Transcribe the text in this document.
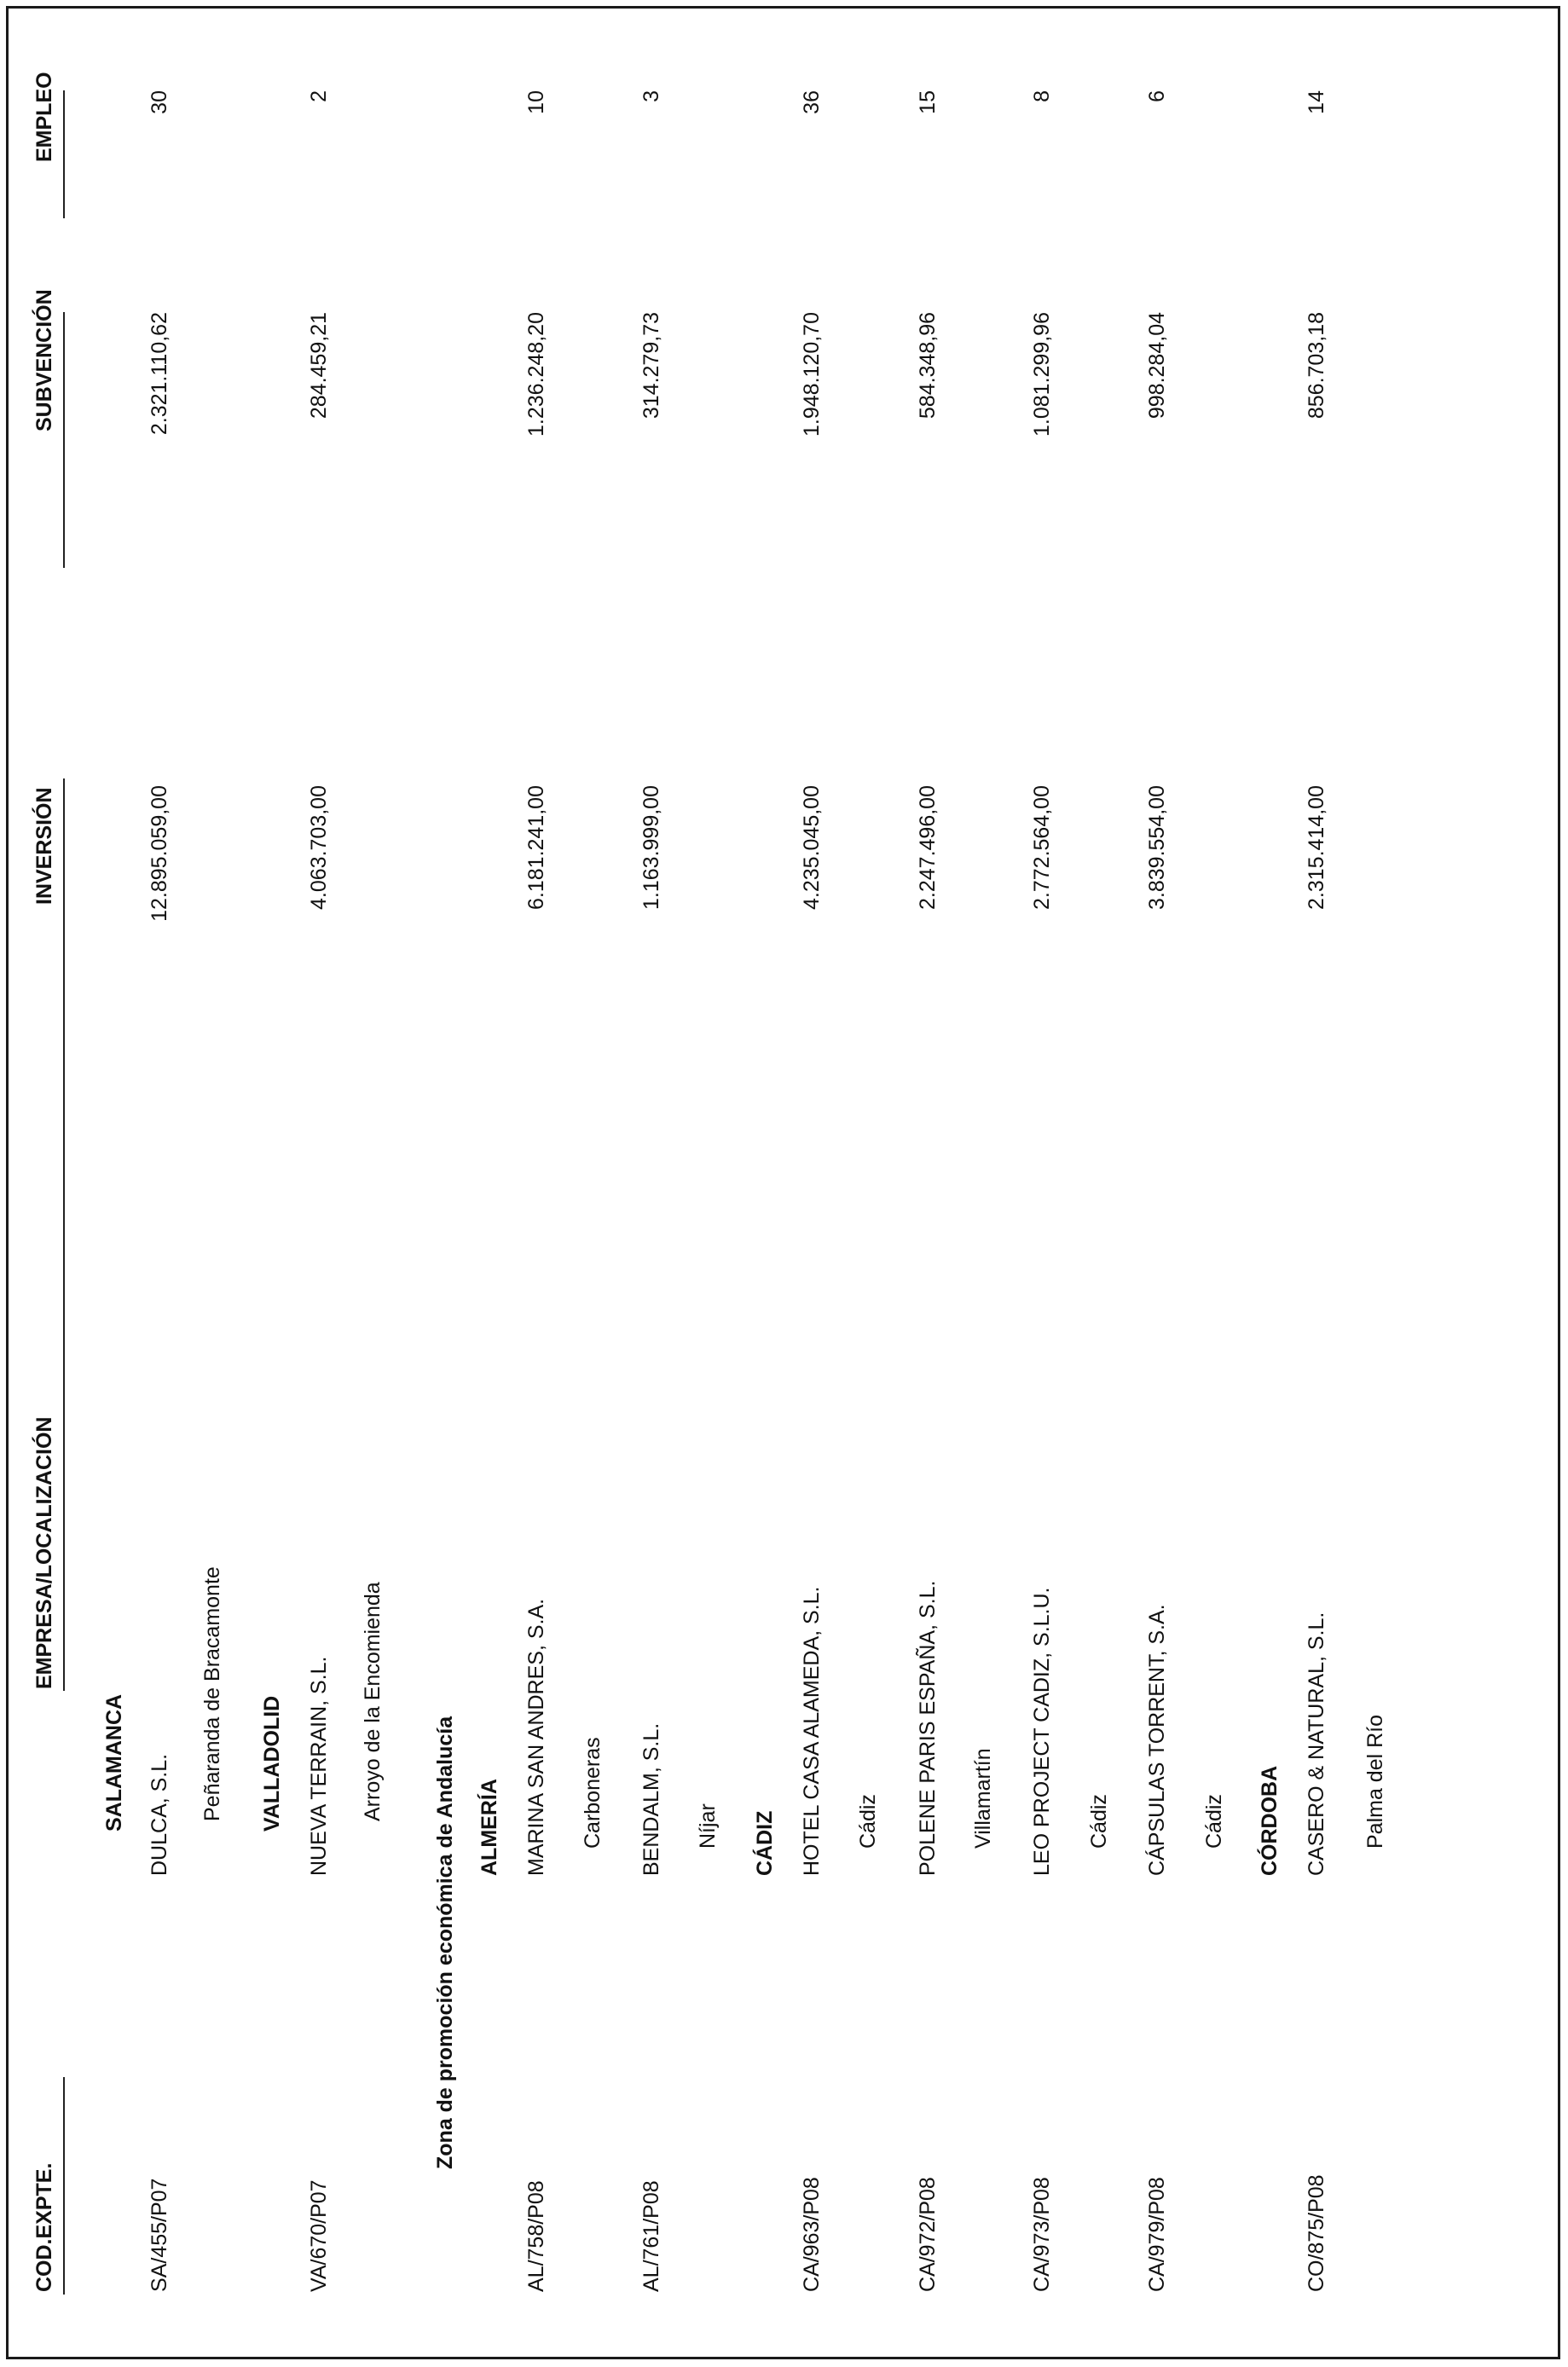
COD.EXPTE.
EMPRESA/LOCALIZACIÓN
INVERSIÓN
SUBVENCIÓN
EMPLEO
SALAMANCA
SA/455/P07
DULCA, S.L.
12.895.059,00
2.321.110,62
30
Peñaranda de Bracamonte VALLADOLID
VA/670/P07
NUEVA TERRAIN, S.L.
4.063.703,00
284.459,21
2
Arroyo de la Encomienda
Zona de promoción económica de Andalucía ALMERÍA
AL/758/P08
MARINA SAN ANDRES, S.A.
6.181.241,00
1.236.248,20
10
Carboneras
AL/761/P08
BENDALM, S.L.
1.163.999,00
314.279,73
3
Níjar CÁDIZ
CA/963/P08
HOTEL CASA ALAMEDA, S.L.
4.235.045,00
1.948.120,70
36
Cádiz
CA/972/P08
POLENE PARIS ESPAÑA, S.L.
2.247.496,00
584.348,96
15
Villamartín
CA/973/P08
LEO PROJECT CADIZ, S.L.U.
2.772.564,00
1.081.299,96
8
Cádiz
CA/979/P08
CÁPSULAS TORRENT, S.A.
3.839.554,00
998.284,04
6
Cádiz CÓRDOBA
CO/875/P08
CASERO & NATURAL, S.L.
2.315.414,00
856.703,18
14
Palma del Río
